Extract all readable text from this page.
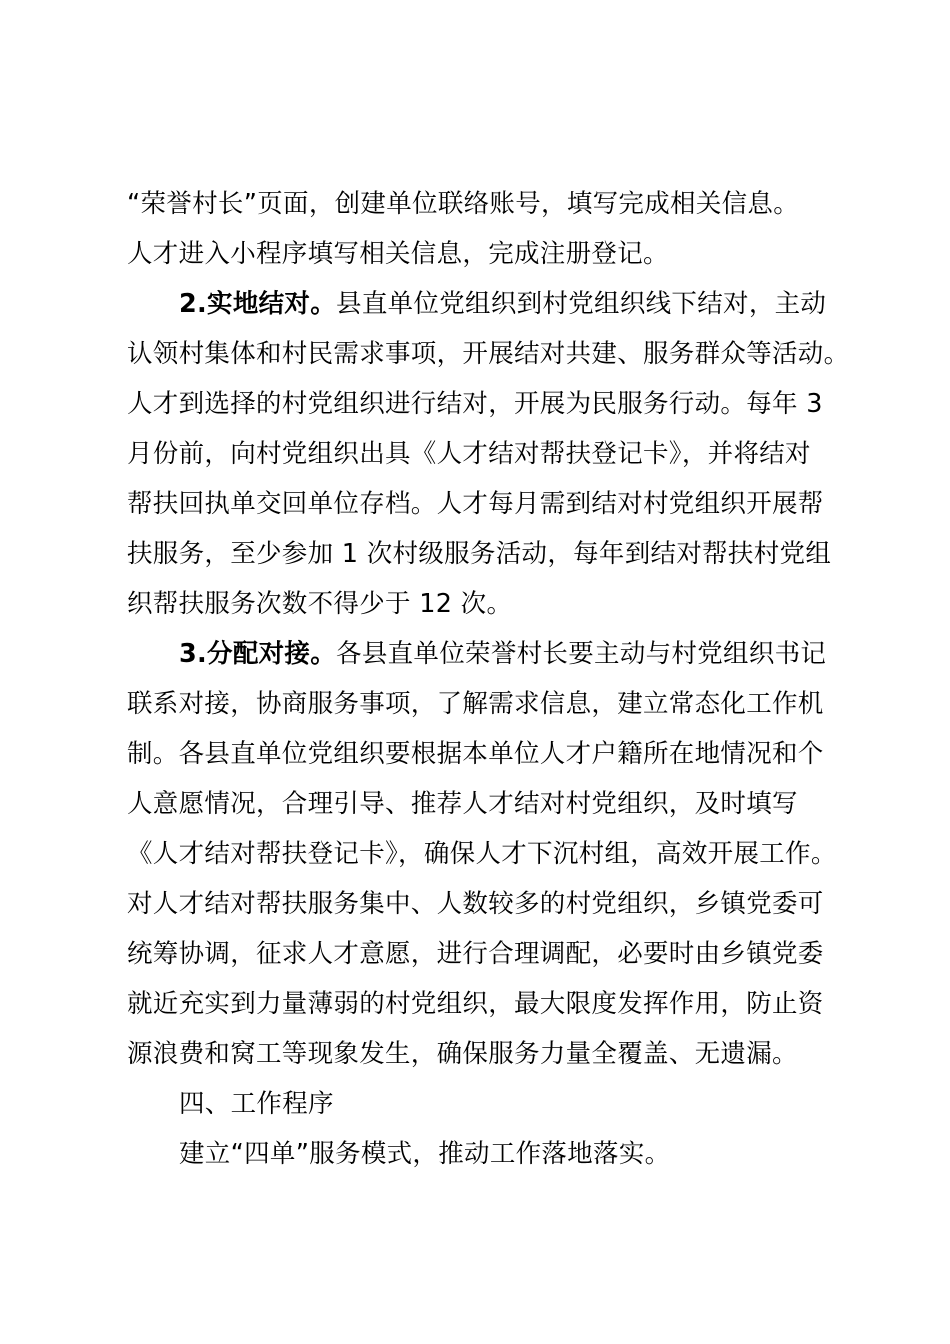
“荣誉村长”页面，创建单位联络账号，填写完成相关信息。
人才进入小程序填写相关信息，完成注册登记。
2.实地结对。县直单位党组织到村党组织线下结对，主动
认领村集体和村民需求事项，开展结对共建、服务群众等活动。
人才到选择的村党组织进行结对，开展为民服务行动。每年 3
月份前，向村党组织出具《人才结对帮扶登记卡》，并将结对
帮扶回执单交回单位存档。人才每月需到结对村党组织开展帮
扶服务，至少参加 1 次村级服务活动，每年到结对帮扶村党组
织帮扶服务次数不得少于 12 次。
3.分配对接。各县直单位荣誉村长要主动与村党组织书记
联系对接，协商服务事项，了解需求信息，建立常态化工作机
制。各县直单位党组织要根据本单位人才户籍所在地情况和个
人意愿情况，合理引导、推荐人才结对村党组织，及时填写
《人才结对帮扶登记卡》，确保人才下沉村组，高效开展工作。
对人才结对帮扶服务集中、人数较多的村党组织，乡镇党委可
统筹协调，征求人才意愿，进行合理调配，必要时由乡镇党委
就近充实到力量薄弱的村党组织，最大限度发挥作用，防止资
源浪费和窝工等现象发生，确保服务力量全覆盖、无遗漏。
四、工作程序
建立“四单”服务模式，推动工作落地落实。
